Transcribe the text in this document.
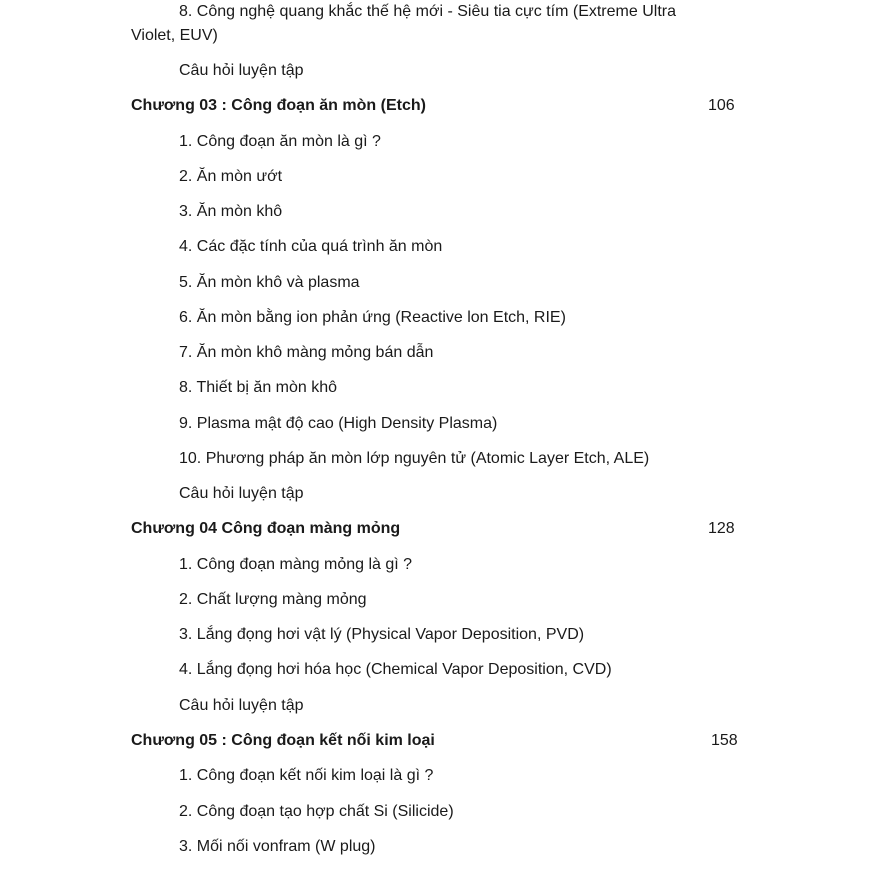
8. Công nghệ quang khắc thế hệ mới - Siêu tia cực tím (Extreme Ultra
Violet, EUV)
Câu hỏi luyện tập
Chương 03 : Công đoạn ăn mòn (Etch)	106
1. Công đoạn ăn mòn là gì ?
2. Ăn mòn ướt
3. Ăn mòn khô
4. Các đặc tính của quá trình ăn mòn
5. Ăn mòn khô và plasma
6. Ăn mòn bằng ion phản ứng (Reactive lon Etch, RIE)
7. Ăn mòn khô màng mỏng bán dẫn
8. Thiết bị ăn mòn khô
9. Plasma mật độ cao (High Density Plasma)
10. Phương pháp ăn mòn lớp nguyên tử (Atomic Layer Etch, ALE)
Câu hỏi luyện tập
Chương 04 Công đoạn màng mỏng	128
1. Công đoạn màng mỏng là gì ?
2. Chất lượng màng mỏng
3. Lắng đọng hơi vật lý (Physical Vapor Deposition, PVD)
4. Lắng đọng hơi hóa học (Chemical Vapor Deposition, CVD)
Câu hỏi luyện tập
Chương 05 : Công đoạn kết nối kim loại	158
1. Công đoạn kết nối kim loại là gì ?
2. Công đoạn tạo hợp chất Si (Silicide)
3. Mối nối vonfram (W plug)
